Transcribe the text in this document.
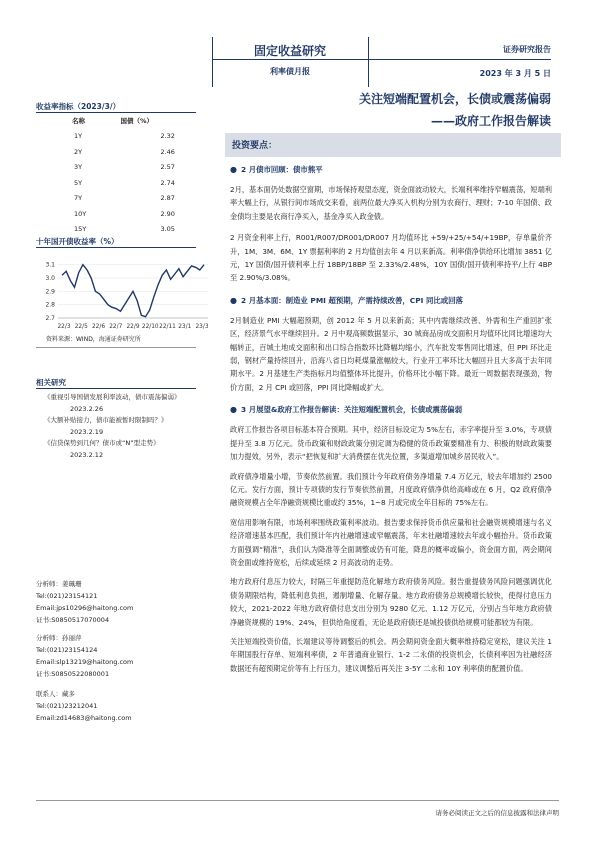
固定收益研究
利率债月报
证券研究报告
2023 年 3 月 5 日
关注短端配置机会，长债或震荡偏弱
——政府工作报告解读
收益率指标（2023/3/）
名称	国债（%）
1Y	2.32
2Y	2.46
3Y	2.57
5Y	2.74
7Y	2.87
10Y	2.90
15Y	3.05
十年国开债收益率（%）
3.1
3.0
2.9
2.8
2.7
22/3 22/5 22/6 22/7 22/9 22/10 22/11 23/1 23/3
资料来源：WIND，海通证券研究所
相关研究

《重视引导国债发展利率波动，债市震荡偏弱》

2023.2.26

《大额补贴接力，债市能被暂时限制吗？》

2023.2.19

《信贷保势到几何？债市或“N”型走势》

2023.2.12

分析师：姜珮珊
Tel:(021)23154121
Email:jps10296@haitong.com
证书:S0850517070004
分析师：孙丽萍
Tel:(021)23154124
Email:slp13219@haitong.com
证书:S0850522080001
联系人：藏多
Tel:(021)23212041
Email:zd14683@haitong.com
投资要点：
● 2 月债市回顾：债市熊平

2月，基本面仍处数据空窗期，市场保持观望态度，资金面波动较大，长端利率维持窄幅震荡，短端利率大幅上行，从银行间市场成交来看，前两位最大净买入机构分别为农商行、理财；7-10 年国债、政金债均主要是农商行净买入，基金净买入政金债。

2 月资金利率上行，R001/R007/DR001/DR007 月均值环比 +59/+25/+54/+19BP，存单量价齐升，1M、3M、6M、1Y 票据利率的 2 月均值创去年 4 月以来新高。利率债净供给环比增加 3851 亿元，1Y 国债/国开债利率上行 18BP/18BP 至 2.33%/2.48%，10Y 国债/国开债利率持平/上行 4BP 至 2.90%/3.08%。

● 2 月基本面：制造业 PMI 超预期，产需持续改善，CPI 同比或回落

2月制造业 PMI 大幅超预期，创 2012 年 5 月以来新高；其中内需继续改善、外需和生产重回扩张区，经济景气水平继续回升。2 月中观高频数据显示，30 城商品房成交面积月均值环比同比增速均大幅转正，百城土地成交面积和出口综合指数环比降幅均缩小，汽车批发零售同比增速，但 PPI 环比走弱，钢材产量持续回升，沿海八省日均耗煤量涨幅较大，行业开工率环比大幅回升且大多高于去年同期水平。2 月基建生产类指标月均值整体环比提升，价格环比小幅下降。最近一周数据表现强劲，物价方面，2 月 CPI 或回落，PPI 同比降幅或扩大。

● 3 月展望&政府工作报告解读：关注短端配置机会，长债或震荡偏弱

政府工作报告各项目标基本符合预期。其中，经济目标设定为 5%左右，赤字率提升至 3.0%，专项债提升至 3.8 万亿元。货币政策和财政政策分别定调为稳健的货币政策要精准有力、积极的财政政策要加力提效，另外，表示“把恢复和扩大消费摆在优先位置，多渠道增加城乡居民收入”。

政府债净增量小增，节奏依然前置。我们预计今年政府债务净增量 7.4 万亿元，较去年增加约 2500 亿元。发行方面，预计专项债的发行节奏依然前置，月度政府债净供给高峰或在 6 月，Q2 政府债净融资规模占全年净融资规模比重或约 35%，1~8 月或完成全年目标的 75%左右。

宽信用影响有限，市场利率围绕政策利率波动。报告要求保持货币供应量和社会融资规模增速与名义经济增速基本匹配，我们预计年内社融增速或窄幅震荡，年末社融增速较去年或小幅抬升。货币政策方面强调“精准”，我们认为降准等全面调整或仍有可能，降息的概率或偏小，资金面方面，两会期间资金面或维持宽松，后续或延续 2 月高波动的走势。

地方政府付息压力较大，时隔三年重提防范化解地方政府债务风险。报告重提债务风险问题强调优化债务期限结构，降低利息负担，遏制增量、化解存量。地方政府债务总规模增长较快，使得付息压力较大，2021-2022 年地方政府债付息支出分别为 9280 亿元、1.12 万亿元，分别占当年地方政府债净融资规模的 19%、24%，但供给角度看，无论是政府债还是城投债供给规模可能都较为有限。

关注短端投资价值，长端建议等待调整后的机会。两会期间资金面大概率维持稳定宽松，建议关注 1 年期国股行存单、短端利率债，2 年普通商业银行、1-2 二永债的投资机会，长债利率因为社融经济数据还有超预期定价等有上行压力，建议调整后再关注 3-5Y 二永和 10Y 利率债的配置价值。

请务必阅读正文之后的信息披露和法律声明
